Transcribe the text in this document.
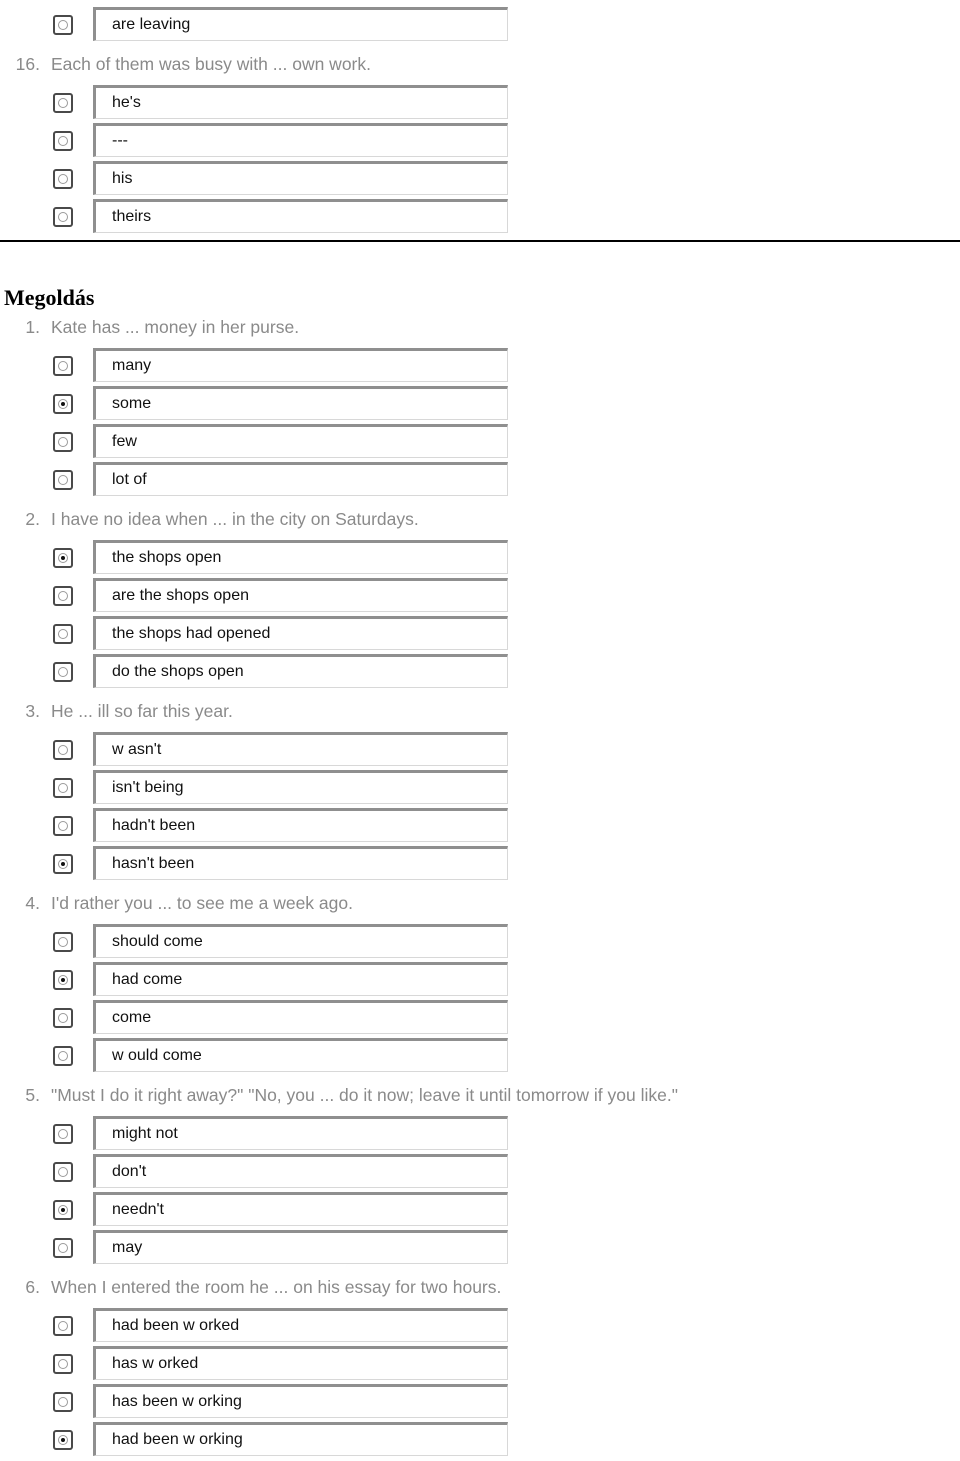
are leaving
16. Each of them was busy with ... own work.
he's
---
his
theirs
Megoldás
1. Kate has ... money in her purse.
many
some
few
lot of
2. I have no idea when ... in the city on Saturdays.
the shops open
are the shops open
the shops had opened
do the shops open
3. He ... ill so far this year.
w asn't
isn't being
hadn't been
hasn't been
4. I'd rather you ... to see me a week ago.
should come
had come
come
w ould come
5. "Must I do it right away?" "No, you ... do it now; leave it until tomorrow if you like."
might not
don't
needn't
may
6. When I entered the room he ... on his essay for two hours.
had been w orked
has w orked
has been w orking
had been w orking
